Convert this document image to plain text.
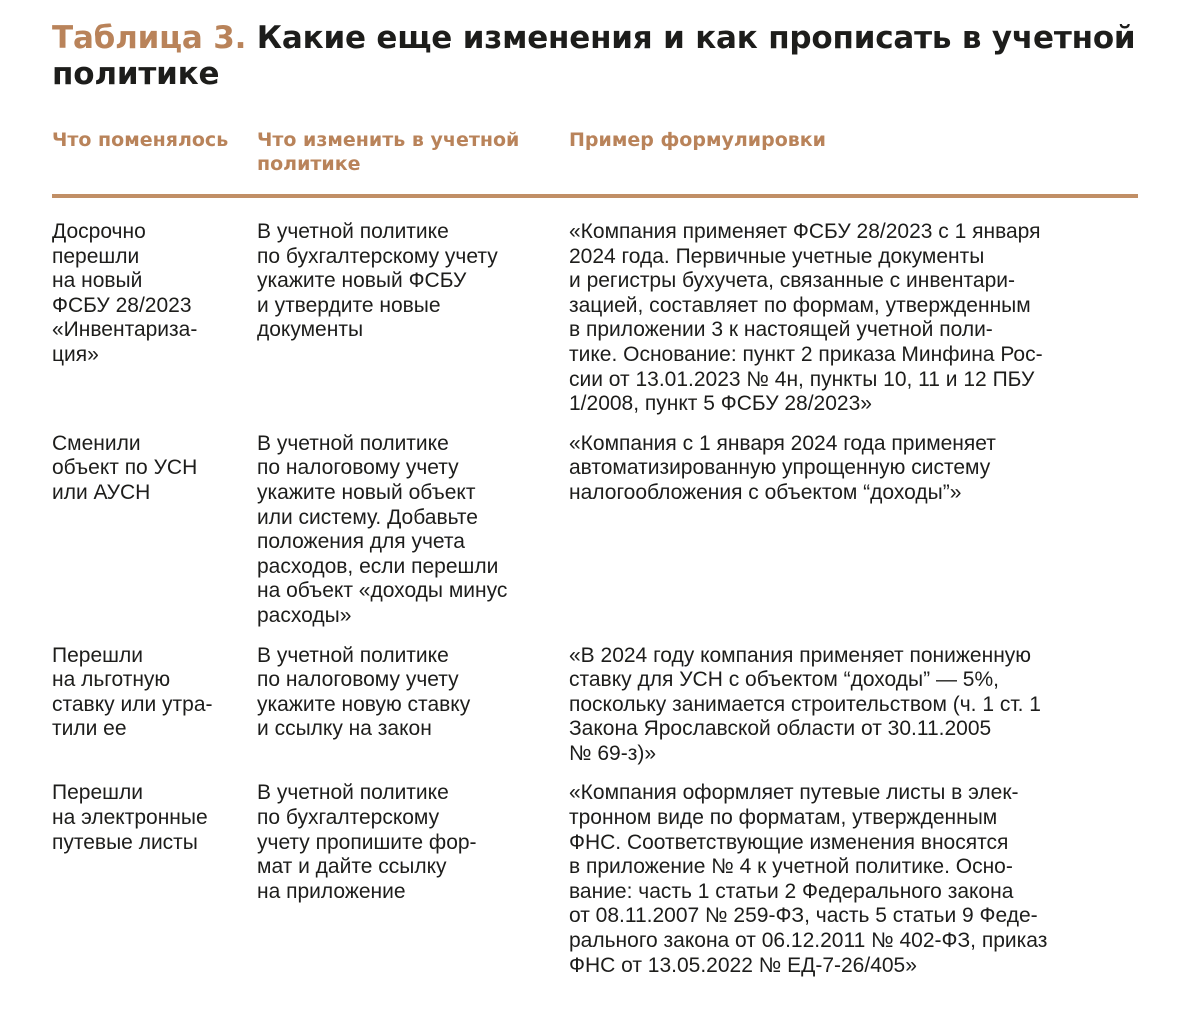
Таблица 3. Какие еще изменения и как прописать в учетной политике
Что поменялось	Что изменить в учетной политике
Пример формулировки
Досрочно
перешли
на новый
ФСБУ 28/2023
«Инвентариза-
ция»
В учетной политике
по бухгалтерскому учету
укажите новый ФСБУ
и утвердите новые
документы
«Компания применяет ФСБУ 28/2023 с 1 января
2024 года. Первичные учетные документы
и регистры бухучета, связанные с инвентари-
зацией, составляет по формам, утвержденным
в приложении 3 к настоящей учетной поли-
тике. Основание: пункт 2 приказа Минфина Рос-
сии от 13.01.2023 № 4н, пункты 10, 11 и 12 ПБУ
1/2008, пункт 5 ФСБУ 28/2023»
Сменили
объект по УСН
или АУСН
В учетной политике
по налоговому учету
укажите новый объект
или систему. Добавьте
положения для учета
расходов, если перешли
на объект «доходы минус
расходы»
«Компания с 1 января 2024 года применяет
автоматизированную упрощенную систему
налогообложения с объектом “доходы”»
Перешли
на льготную
ставку или утра-
тили ее
В учетной политике
по налоговому учету
укажите новую ставку
и ссылку на закон
«В 2024 году компания применяет пониженную
ставку для УСН с объектом “доходы” — 5%,
поскольку занимается строительством (ч. 1 ст. 1
Закона Ярославской области от 30.11.2005
№ 69-з)»
Перешли
на электронные
путевые листы
В учетной политике
по бухгалтерскому
учету пропишите фор-
мат и дайте ссылку
на приложение
«Компания оформляет путевые листы в элек-
тронном виде по форматам, утвержденным
ФНС. Соответствующие изменения вносятся
в приложение № 4 к учетной политике. Осно-
вание: часть 1 статьи 2 Федерального закона
от 08.11.2007 № 259-ФЗ, часть 5 статьи 9 Феде-
рального закона от 06.12.2011 № 402-ФЗ, приказ
ФНС от 13.05.2022 № ЕД-7-26/405»
